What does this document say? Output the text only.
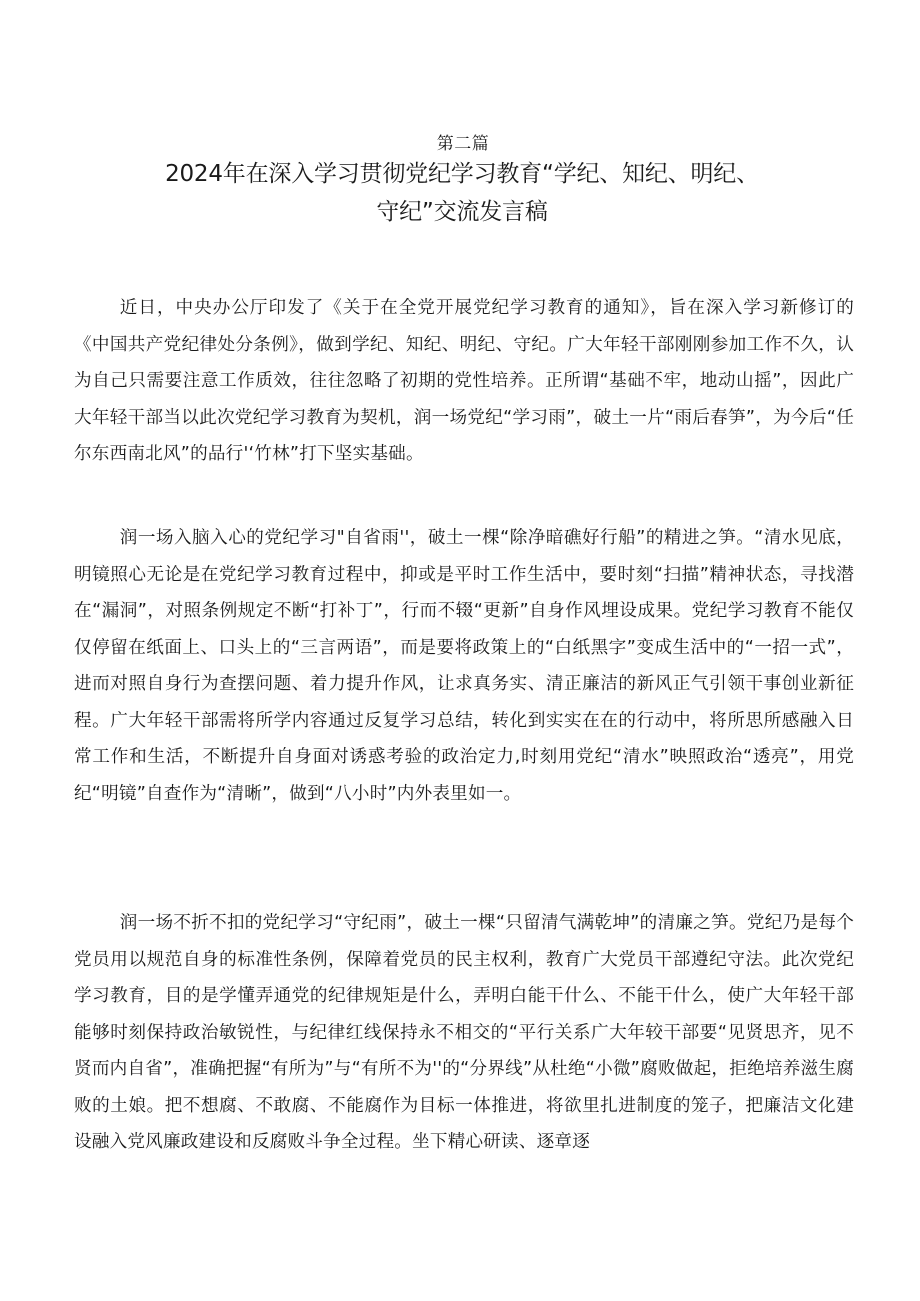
第二篇
2024年在深入学习贯彻党纪学习教育“学纪、知纪、明纪、
守纪”交流发言稿

近日，中央办公厅印发了《关于在全党开展党纪学习教育的通知》，旨在深入学习新修订的《中国共产党纪律处分条例》，做到学纪、知纪、明纪、守纪。广大年轻干部刚刚参加工作不久，认为自己只需要注意工作质效，往往忽略了初期的党性培养。正所谓“基础不牢，地动山摇”，因此广大年轻干部当以此次党纪学习教育为契机，润一场党纪“学习雨”，破土一片“雨后春笋”，为今后“任尔东西南北风”的品行'‘竹林”打下坚实基础。

润一场入脑入心的党纪学习"自省雨''，破土一棵“除净暗礁好行船”的精进之笋。“清水见底，明镜照心无论是在党纪学习教育过程中，抑或是平时工作生活中，要时刻“扫描”精神状态，寻找潜在“漏洞”，对照条例规定不断“打补丁”，行而不辍“更新”自身作风埋设成果。党纪学习教育不能仅仅停留在纸面上、口头上的“三言两语”，而是要将政策上的“白纸黑字”变成生活中的“一招一式”，进而对照自身行为查摆问题、着力提升作风，让求真务实、清正廉洁的新风正气引领干事创业新征程。广大年轻干部需将所学内容通过反复学习总结，转化到实实在在的行动中，将所思所感融入日常工作和生活，不断提升自身面对诱惑考验的政治定力,时刻用党纪“清水”映照政治“透亮”，用党纪“明镜”自查作为“清晰”，做到“八小时”内外表里如一。

润一场不折不扣的党纪学习“守纪雨”，破土一棵“只留清气满乾坤”的清廉之笋。党纪乃是每个党员用以规范自身的标准性条例，保障着党员的民主权利，教育广大党员干部遵纪守法。此次党纪学习教育，目的是学懂弄通党的纪律规矩是什么，弄明白能干什么、不能干什么，使广大年轻干部能够时刻保持政治敏锐性，与纪律红线保持永不相交的“平行关系广大年较干部要“见贤思齐，见不贤而内自省”，准确把握“有所为”与“有所不为''的“分界线”从杜绝“小微”腐败做起，拒绝培养滋生腐败的土娘。把不想腐、不敢腐、不能腐作为目标一体推进，将欲里扎进制度的笼子，把廉洁文化建设融入党风廉政建设和反腐败斗争全过程。坐下精心研读、逐章逐
